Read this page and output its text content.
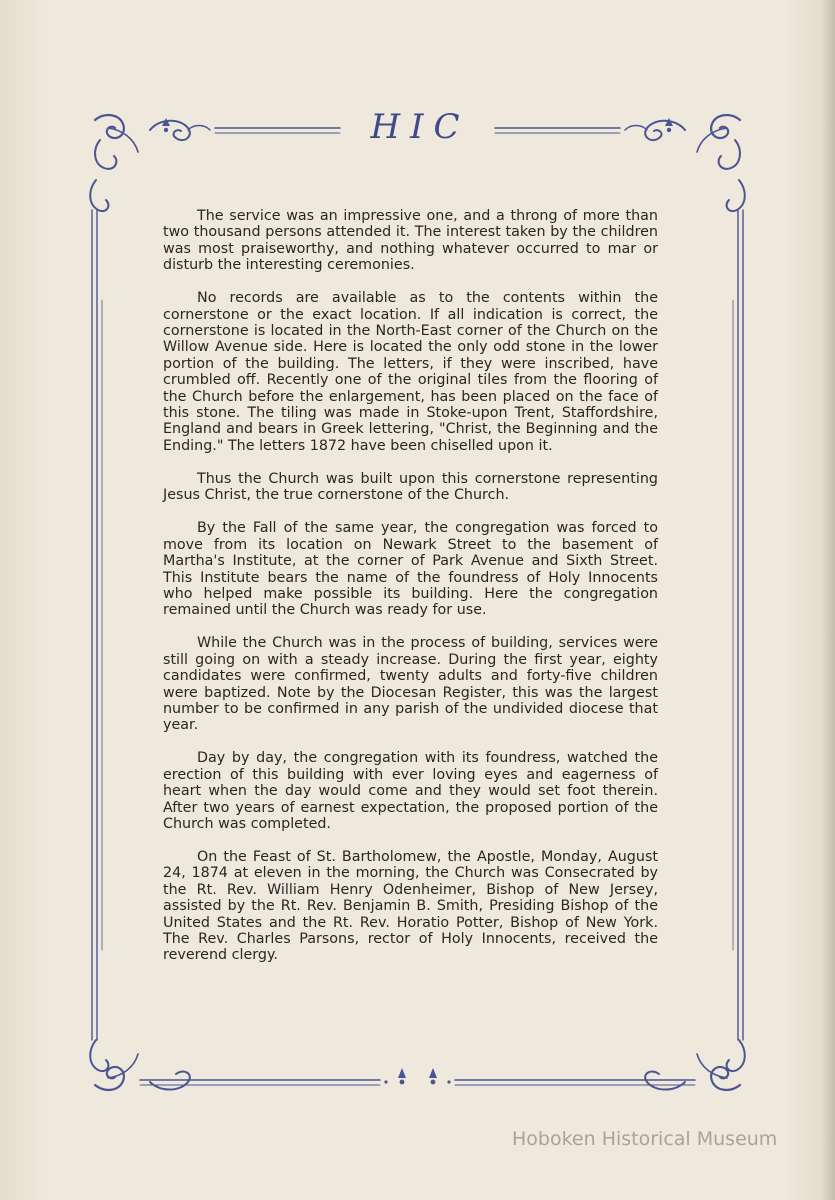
HIC

The service was an impressive one, and a throng of more than two thousand persons attended it. The interest taken by the children was most praiseworthy, and nothing whatever occurred to mar or disturb the interesting ceremonies.

No records are available as to the contents within the cornerstone or the exact location. If all indication is correct, the cornerstone is located in the North-East corner of the Church on the Willow Avenue side. Here is located the only odd stone in the lower portion of the building. The letters, if they were inscribed, have crumbled off. Recently one of the original tiles from the flooring of the Church before the enlargement, has been placed on the face of this stone. The tiling was made in Stoke-upon Trent, Staffordshire, England and bears in Greek lettering, "Christ, the Beginning and the Ending." The letters 1872 have been chiselled upon it.

Thus the Church was built upon this cornerstone representing Jesus Christ, the true cornerstone of the Church.

By the Fall of the same year, the congregation was forced to move from its location on Newark Street to the basement of Martha's Institute, at the corner of Park Avenue and Sixth Street. This Institute bears the name of the foundress of Holy Innocents who helped make possible its building. Here the congregation remained until the Church was ready for use.

While the Church was in the process of building, services were still going on with a steady increase. During the first year, eighty candidates were confirmed, twenty adults and forty-five children were baptized. Note by the Diocesan Register, this was the largest number to be confirmed in any parish of the undivided diocese that year.

Day by day, the congregation with its foundress, watched the erection of this building with ever loving eyes and eagerness of heart when the day would come and they would set foot therein. After two years of earnest expectation, the proposed portion of the Church was completed.

On the Feast of St. Bartholomew, the Apostle, Monday, August 24, 1874 at eleven in the morning, the Church was Consecrated by the Rt. Rev. William Henry Odenheimer, Bishop of New Jersey, assisted by the Rt. Rev. Benjamin B. Smith, Presiding Bishop of the United States and the Rt. Rev. Horatio Potter, Bishop of New York. The Rev. Charles Parsons, rector of Holy Innocents, received the reverend clergy.

Hoboken Historical Museum
